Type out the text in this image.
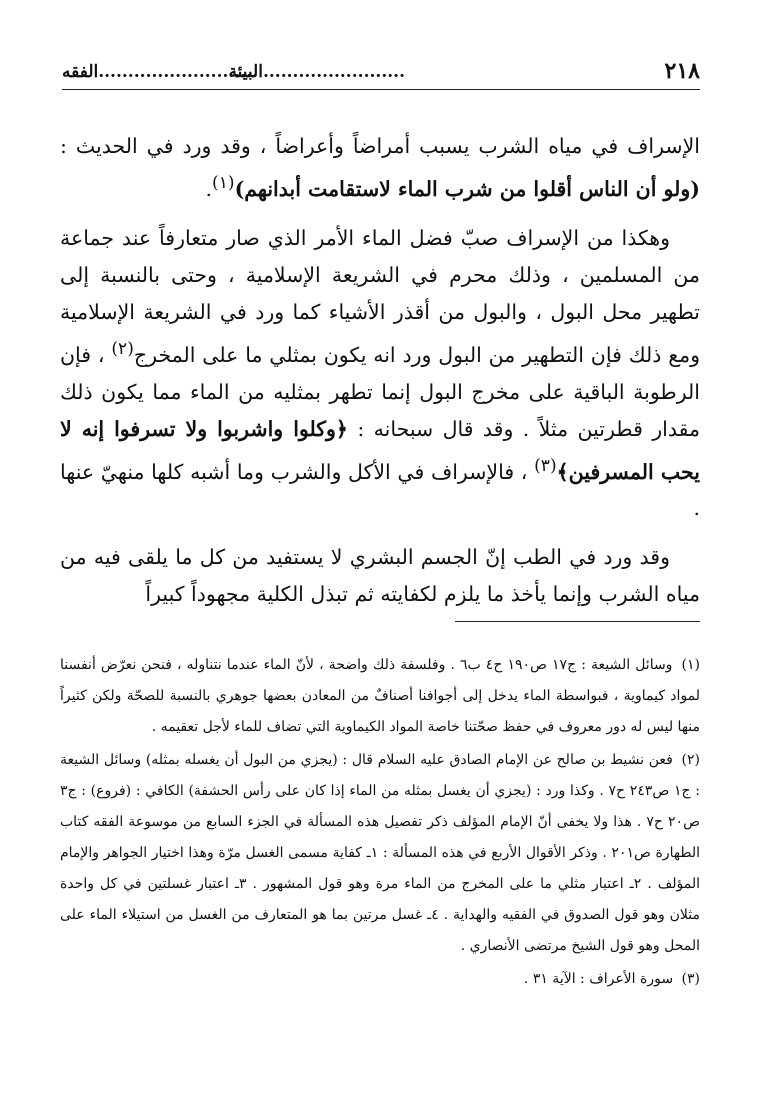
٢١٨
........................البيئة
...........................الفقه

الإسراف في مياه الشرب يسبب أمراضاً وأعراضاً ، وقد ورد في الحديث : (ولو أن الناس أقلوا من شرب الماء لاستقامت أبدانهم)$^{(١)}$.

وهكذا من الإسراف صبّ فضل الماء الأمر الذي صار متعارفاً عند جماعة من المسلمين ، وذلك محرم في الشريعة الإسلامية ، وحتى بالنسبة إلى تطهير محل البول ، والبول من أقذر الأشياء كما ورد في الشريعة الإسلامية ومع ذلك فإن التطهير من البول ورد انه يكون بمثلي ما على المخرج$^{(٢)}$ ، فإن الرطوبة الباقية على مخرج البول إنما تطهر بمثليه من الماء مما يكون ذلك مقدار قطرتين مثلاً . وقد قال سبحانه : ﴿وكلوا واشربوا ولا تسرفوا إنه لا يحب المسرفين﴾$^{(٣)}$ ، فالإسراف في الأكل والشرب وما أشبه كلها منهيّ عنها .

وقد ورد في الطب إنّ الجسم البشري لا يستفيد من كل ما يلقى فيه من مياه الشرب وإنما يأخذ ما يلزم لكفايته ثم تبذل الكلية مجهوداً كبيراً

(١) وسائل الشيعة : ج١٧ ص١٩٠ ح٤ ب٦ . وفلسفة ذلك واضحة ، لأنّ الماء عندما نتناوله ، فنحن نعرّض أنفسنا لمواد كيماوية ، فبواسطة الماء يدخل إلى أجوافنا أصنافٌ من المعادن بعضها جوهري بالنسبة للصحّة ولكن كثيراً منها ليس له دور معروف في حفظ صحّتنا خاصة المواد الكيماوية التي تضاف للماء لأجل تعقيمه .

(٢) فعن نشيط بن صالح عن الإمام الصادق عليه السلام قال : (يجزي من البول أن يغسله بمثله) وسائل الشيعة : ج١ ص٢٤٣ ح٧ . وكذا ورد : (يجزي أن يغسل بمثله من الماء إذا كان على رأس الحشفة) الكافي : (فروع) : ج٣ ص٢٠ ح٧ . هذا ولا يخفى أنّ الإمام المؤلف ذكر تفصيل هذه المسألة في الجزء السابع من موسوعة الفقه كتاب الطهارة ص٢٠١ . وذكر الأقوال الأربع في هذه المسألة : ١ـ كفاية مسمى الغسل مرّة وهذا اختيار الجواهر والإمام المؤلف . ٢ـ اعتبار مثلي ما على المخرج من الماء مرة وهو قول المشهور . ٣ـ اعتبار غسلتين في كل واحدة مثلان وهو قول الصدوق في الفقيه والهداية . ٤ـ غسل مرتين بما هو المتعارف من الغسل من استيلاء الماء على المحل وهو قول الشيخ مرتضى الأنصاري .

(٣) سورة الأعراف : الآية ٣١ .
